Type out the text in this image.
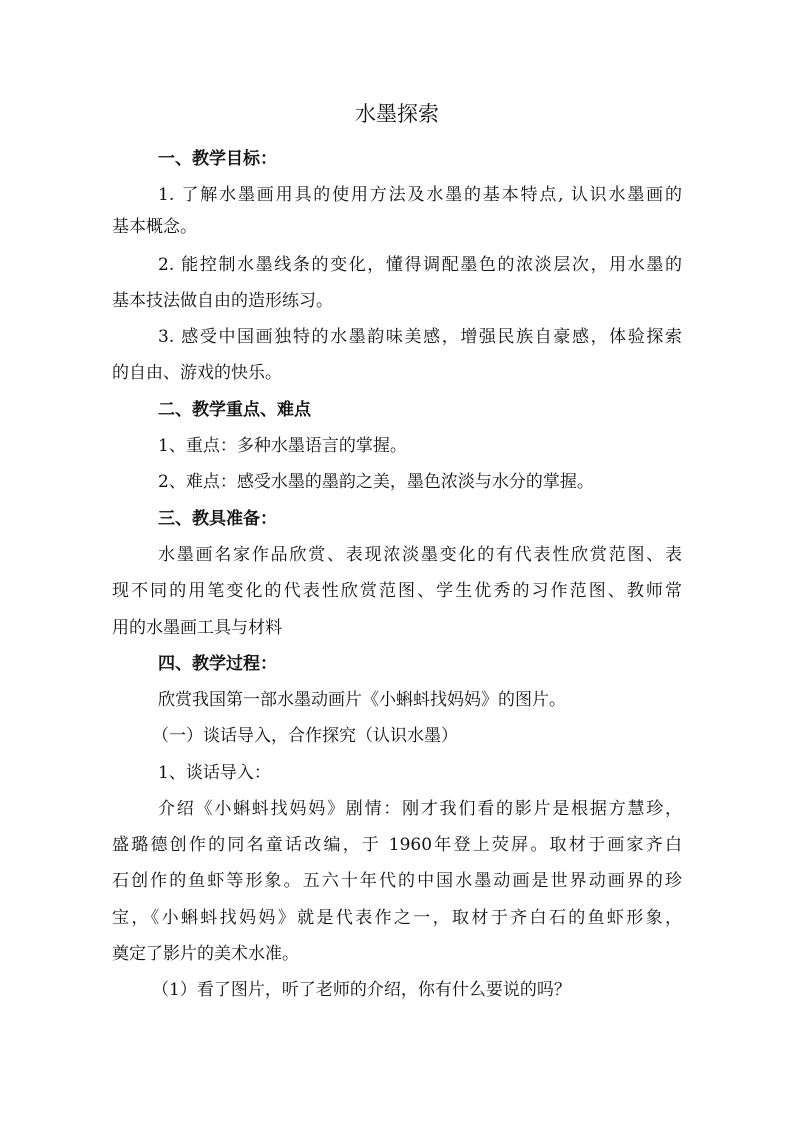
水墨探索
一、教学目标：
1. 了解水墨画用具的使用方法及水墨的基本特点, 认识水墨画的
基本概念。
2. 能控制水墨线条的变化，懂得调配墨色的浓淡层次，用水墨的
基本技法做自由的造形练习。
3. 感受中国画独特的水墨韵味美感，增强民族自豪感，体验探索
的自由、游戏的快乐。
二、教学重点、难点
1、重点：多种水墨语言的掌握。
2、难点：感受水墨的墨韵之美，墨色浓淡与水分的掌握。
三、教具准备：
水墨画名家作品欣赏、表现浓淡墨变化的有代表性欣赏范图、表
现不同的用笔变化的代表性欣赏范图、学生优秀的习作范图、教师常
用的水墨画工具与材料
四、教学过程：
欣赏我国第一部水墨动画片《小蝌蚪找妈妈》的图片。
（一）谈话导入，合作探究（认识水墨）
1、谈话导入：
介绍《小蝌蚪找妈妈》剧情：刚才我们看的影片是根据方慧珍，
盛璐德创作的同名童话改编，于 1960年登上荧屏。取材于画家齐白
石创作的鱼虾等形象。五六十年代的中国水墨动画是世界动画界的珍
宝，《小蝌蚪找妈妈》就是代表作之一，取材于齐白石的鱼虾形象，
奠定了影片的美术水准。
（1）看了图片，听了老师的介绍，你有什么要说的吗？
